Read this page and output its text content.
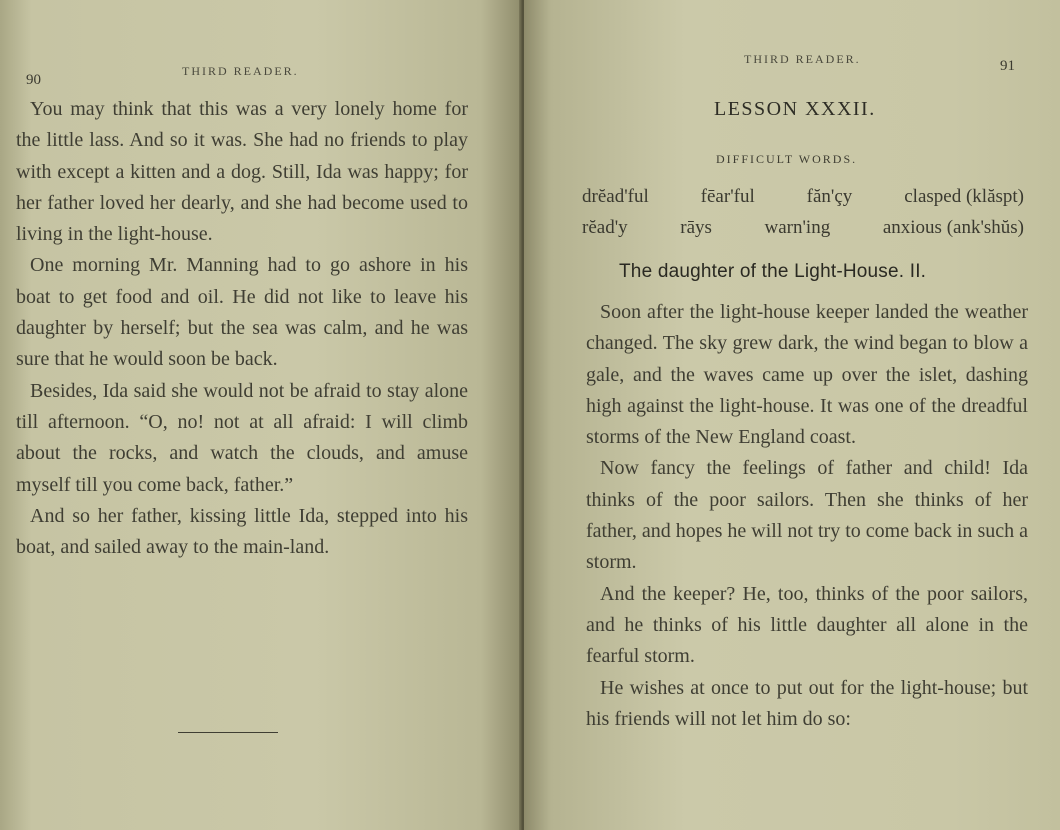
90
THIRD READER.

You may think that this was a very lonely home for the little lass. And so it was. She had no friends to play with except a kitten and a dog. Still, Ida was happy; for her father loved her dearly, and she had become used to living in the light-house.

One morning Mr. Manning had to go ashore in his boat to get food and oil. He did not like to leave his daughter by herself; but the sea was calm, and he was sure that he would soon be back.

Besides, Ida said she would not be afraid to stay alone till afternoon. “O, no! not at all afraid: I will climb about the rocks, and watch the clouds, and amuse myself till you come back, father.”

And so her father, kissing little Ida, stepped into his boat, and sailed away to the main-land.

THIRD READER.	91
LESSON XXXII.
DIFFICULT WORDS.
drĕad'ful	fēar'ful	făn'çy	clasped (klăspt)
rĕad'y	rāys	warn'ing	anxious (ank'shŭs)
The daughter of the Light-House. II.

Soon after the light-house keeper landed the weather changed. The sky grew dark, the wind began to blow a gale, and the waves came up over the islet, dashing high against the light-house. It was one of the dreadful storms of the New England coast.

Now fancy the feelings of father and child! Ida thinks of the poor sailors. Then she thinks of her father, and hopes he will not try to come back in such a storm.

And the keeper? He, too, thinks of the poor sailors, and he thinks of his little daughter all alone in the fearful storm.

He wishes at once to put out for the light-house; but his friends will not let him do so:
